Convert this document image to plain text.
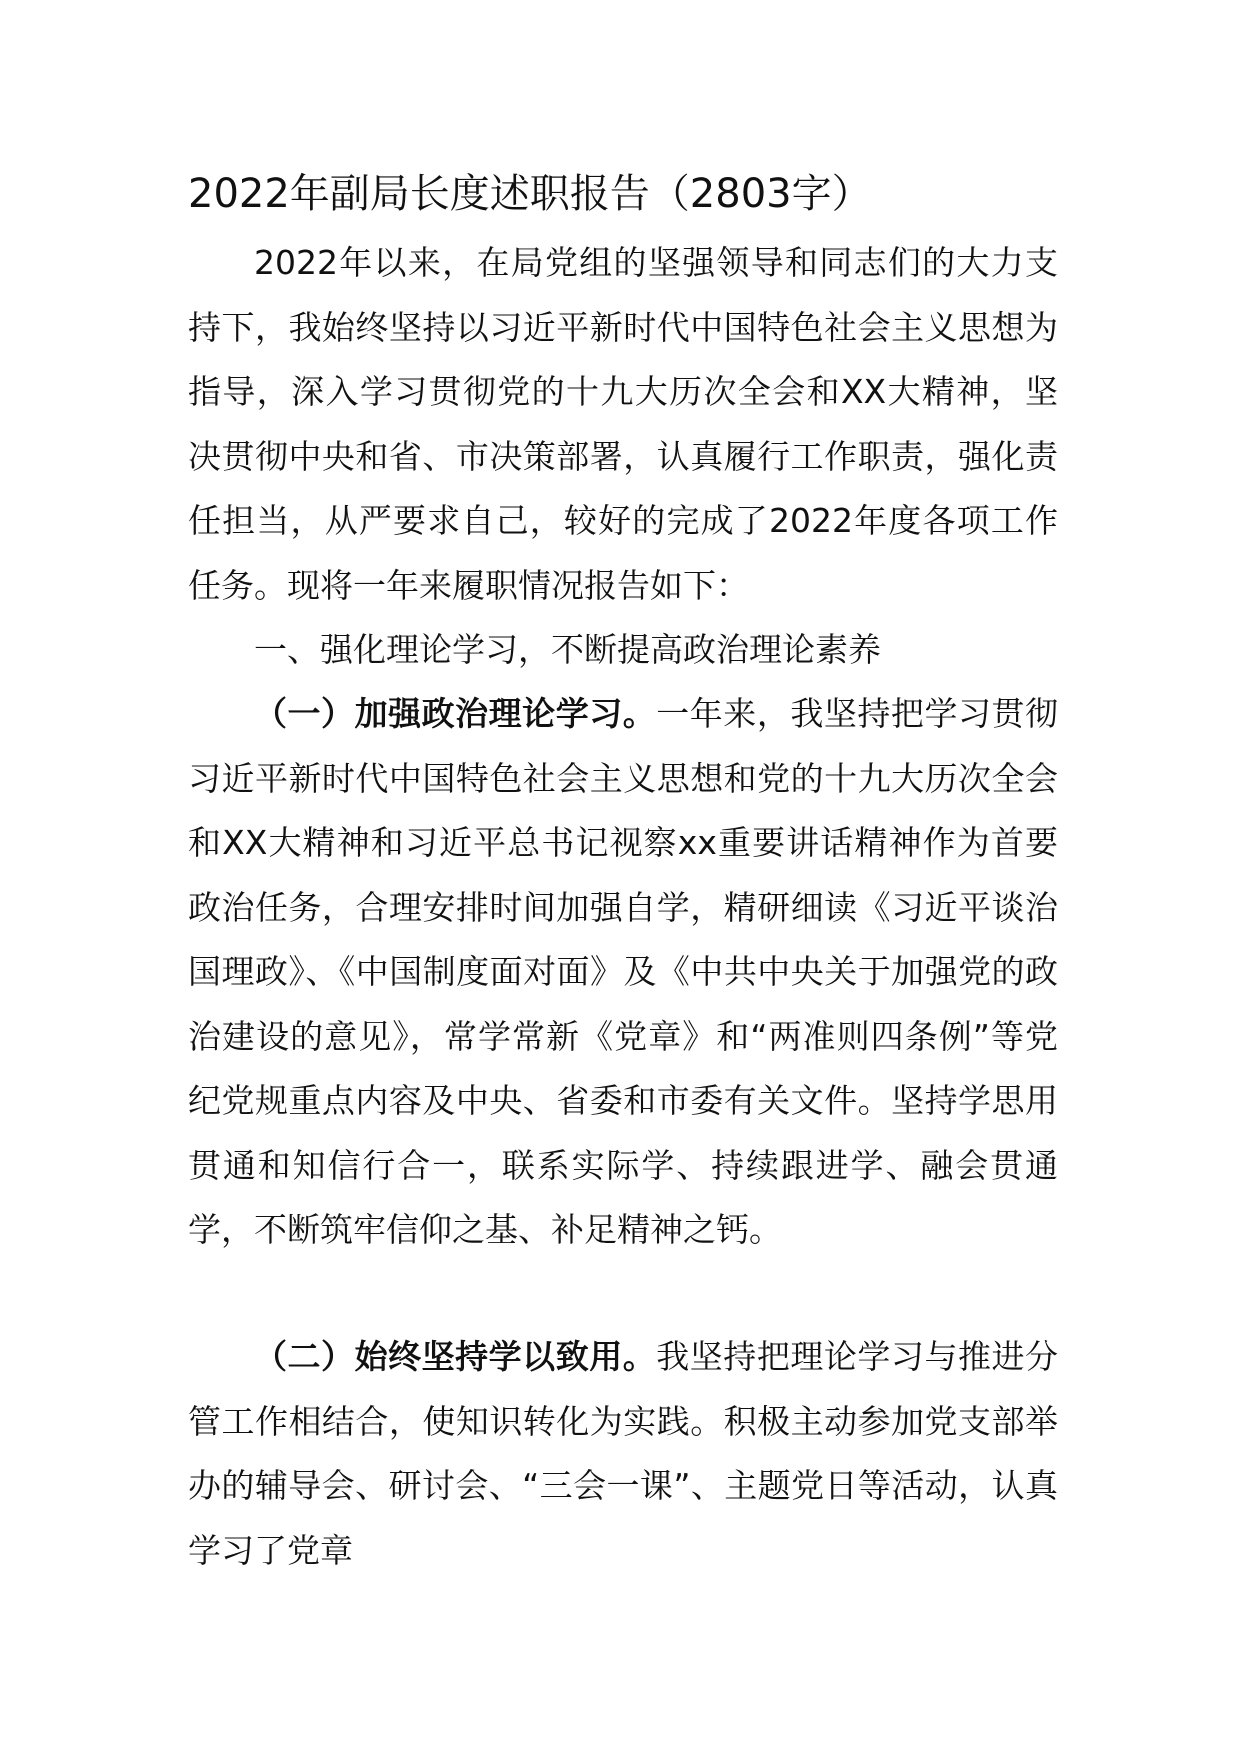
2022年副局长度述职报告（2803字）

2022年以来，在局党组的坚强领导和同志们的大力支持下，我始终坚持以习近平新时代中国特色社会主义思想为指导，深入学习贯彻党的十九大历次全会和XX大精神，坚决贯彻中央和省、市决策部署，认真履行工作职责，强化责任担当，从严要求自己，较好的完成了2022年度各项工作任务。现将一年来履职情况报告如下：

一、强化理论学习，不断提高政治理论素养

（一）加强政治理论学习。一年来，我坚持把学习贯彻习近平新时代中国特色社会主义思想和党的十九大历次全会和XX大精神和习近平总书记视察xx重要讲话精神作为首要政治任务，合理安排时间加强自学，精研细读《习近平谈治国理政》、《中国制度面对面》及《中共中央关于加强党的政治建设的意见》，常学常新《党章》和“两准则四条例”等党纪党规重点内容及中央、省委和市委有关文件。坚持学思用贯通和知信行合一，联系实际学、持续跟进学、融会贯通学，不断筑牢信仰之基、补足精神之钙。

（二）始终坚持学以致用。我坚持把理论学习与推进分管工作相结合，使知识转化为实践。积极主动参加党支部举办的辅导会、研讨会、“三会一课”、主题党日等活动，认真学习了党章
